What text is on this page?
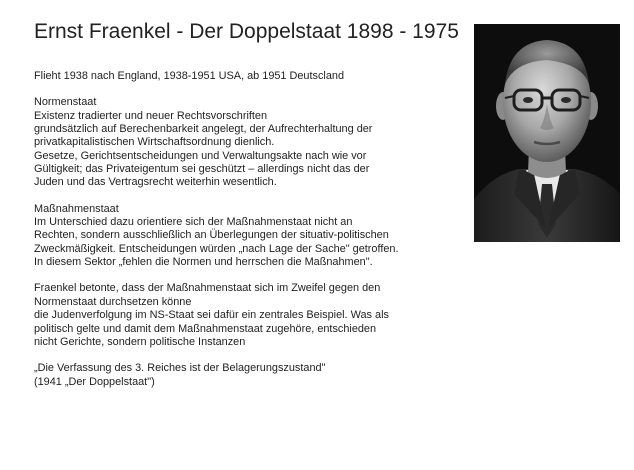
Ernst Fraenkel - Der Doppelstaat 1898 - 1975
Flieht 1938 nach England, 1938-1951 USA, ab 1951 Deutscland
Normenstaat
Existenz tradierter und neuer Rechtsvorschriften
grundsätzlich auf Berechenbarkeit angelegt, der Aufrechterhaltung der
privatkapitalistischen Wirtschaftsordnung dienlich.
Gesetze, Gerichtsentscheidungen und Verwaltungsakte nach wie vor
Gültigkeit; das Privateigentum sei geschützt – allerdings nicht das der
Juden und das Vertragsrecht weiterhin wesentlich.
Maßnahmenstaat
Im Unterschied dazu orientiere sich der Maßnahmenstaat nicht an
Rechten, sondern ausschließlich an Überlegungen der situativ-politischen
Zweckmäßigkeit. Entscheidungen würden „nach Lage der Sache" getroffen.
In diesem Sektor „fehlen die Normen und herrschen die Maßnahmen".
Fraenkel betonte, dass der Maßnahmenstaat sich im Zweifel gegen den
Normenstaat durchsetzen könne
die Judenverfolgung im NS-Staat sei dafür ein zentrales Beispiel. Was als
politisch gelte und damit dem Maßnahmenstaat zugehöre, entschieden
nicht Gerichte, sondern politische Instanzen
„Die Verfassung des 3. Reiches ist der Belagerungszustand"
(1941 „Der Doppelstaat")
